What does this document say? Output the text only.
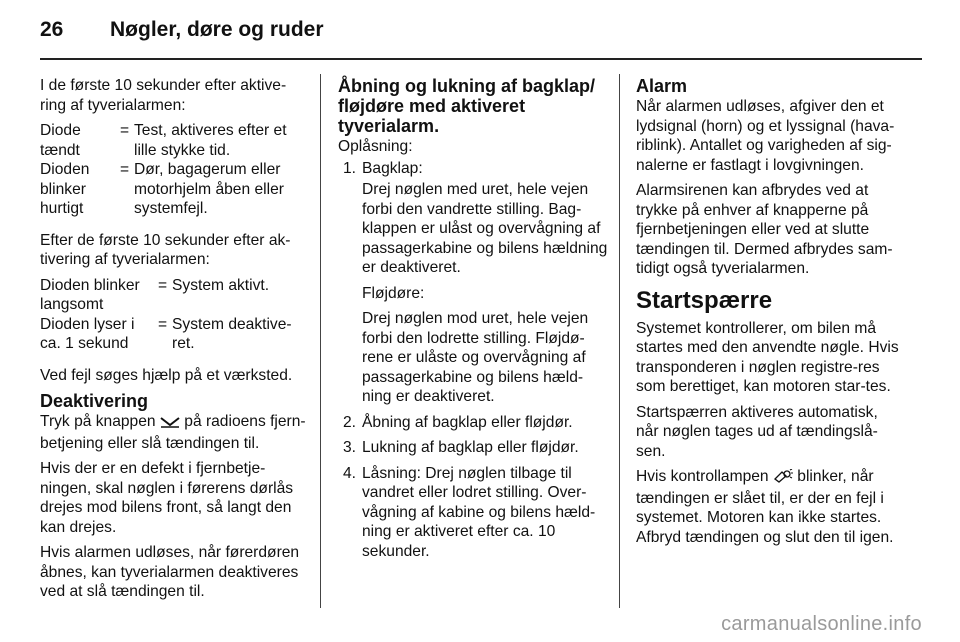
26 Nøgler, døre og ruder

I de første 10 sekunder efter aktive-ring af tyverialarmen:

Diode tændt
= Test, aktiveres efter et lille stykke tid.
Dioden blinker hurtigt
= Dør, bagagerum eller motorhjelm åben eller systemfejl.

Efter de første 10 sekunder efter ak-tivering af tyverialarmen:

Dioden blinker langsomt
= System aktivt.
Dioden lyser i ca. 1 sekund
= System deaktive-ret.

Ved fejl søges hjælp på et værksted.

Deaktivering

Tryk på knappen på radioens fjern-betjening eller slå tændingen til.

Hvis der er en defekt i fjernbetje-ningen, skal nøglen i førerens dørlås drejes mod bilens front, så langt den kan drejes.

Hvis alarmen udløses, når førerdøren åbnes, kan tyverialarmen deaktiveres ved at slå tændingen til.

Åbning og lukning af bagklap/ fløjdøre med aktiveret tyverialarm.

Oplåsning:

1. Bagklap:

Drej nøglen med uret, hele vejen forbi den vandrette stilling. Bag-klappen er ulåst og overvågning af passagerkabine og bilens hældning er deaktiveret.

Fløjdøre:

Drej nøglen mod uret, hele vejen forbi den lodrette stilling. Fløjdø-rene er ulåste og overvågning af passagerkabine og bilens hæld-ning er deaktiveret.

2. Åbning af bagklap eller fløjdør.
3. Lukning af bagklap eller fløjdør.
4. Låsning: Drej nøglen tilbage til vandret eller lodret stilling. Over-vågning af kabine og bilens hæld-ning er aktiveret efter ca. 10 sekunder.
Alarm

Når alarmen udløses, afgiver den et lydsignal (horn) og et lyssignal (hava-riblink). Antallet og varigheden af sig-nalerne er fastlagt i lovgivningen.

Alarmsirenen kan afbrydes ved at trykke på enhver af knapperne på fjernbetjeningen eller ved at slutte tændingen til. Dermed afbrydes sam-tidigt også tyverialarmen.

Startspærre

Systemet kontrollerer, om bilen må startes med den anvendte nøgle. Hvis transponderen i nøglen registre-res som berettiget, kan motoren star-tes.

Startspærren aktiveres automatisk, når nøglen tages ud af tændingslå-sen.

Hvis kontrollampen blinker, når tændingen er slået til, er der en fejl i systemet. Motoren kan ikke startes. Afbryd tændingen og slut den til igen.

carmanualsonline.info
